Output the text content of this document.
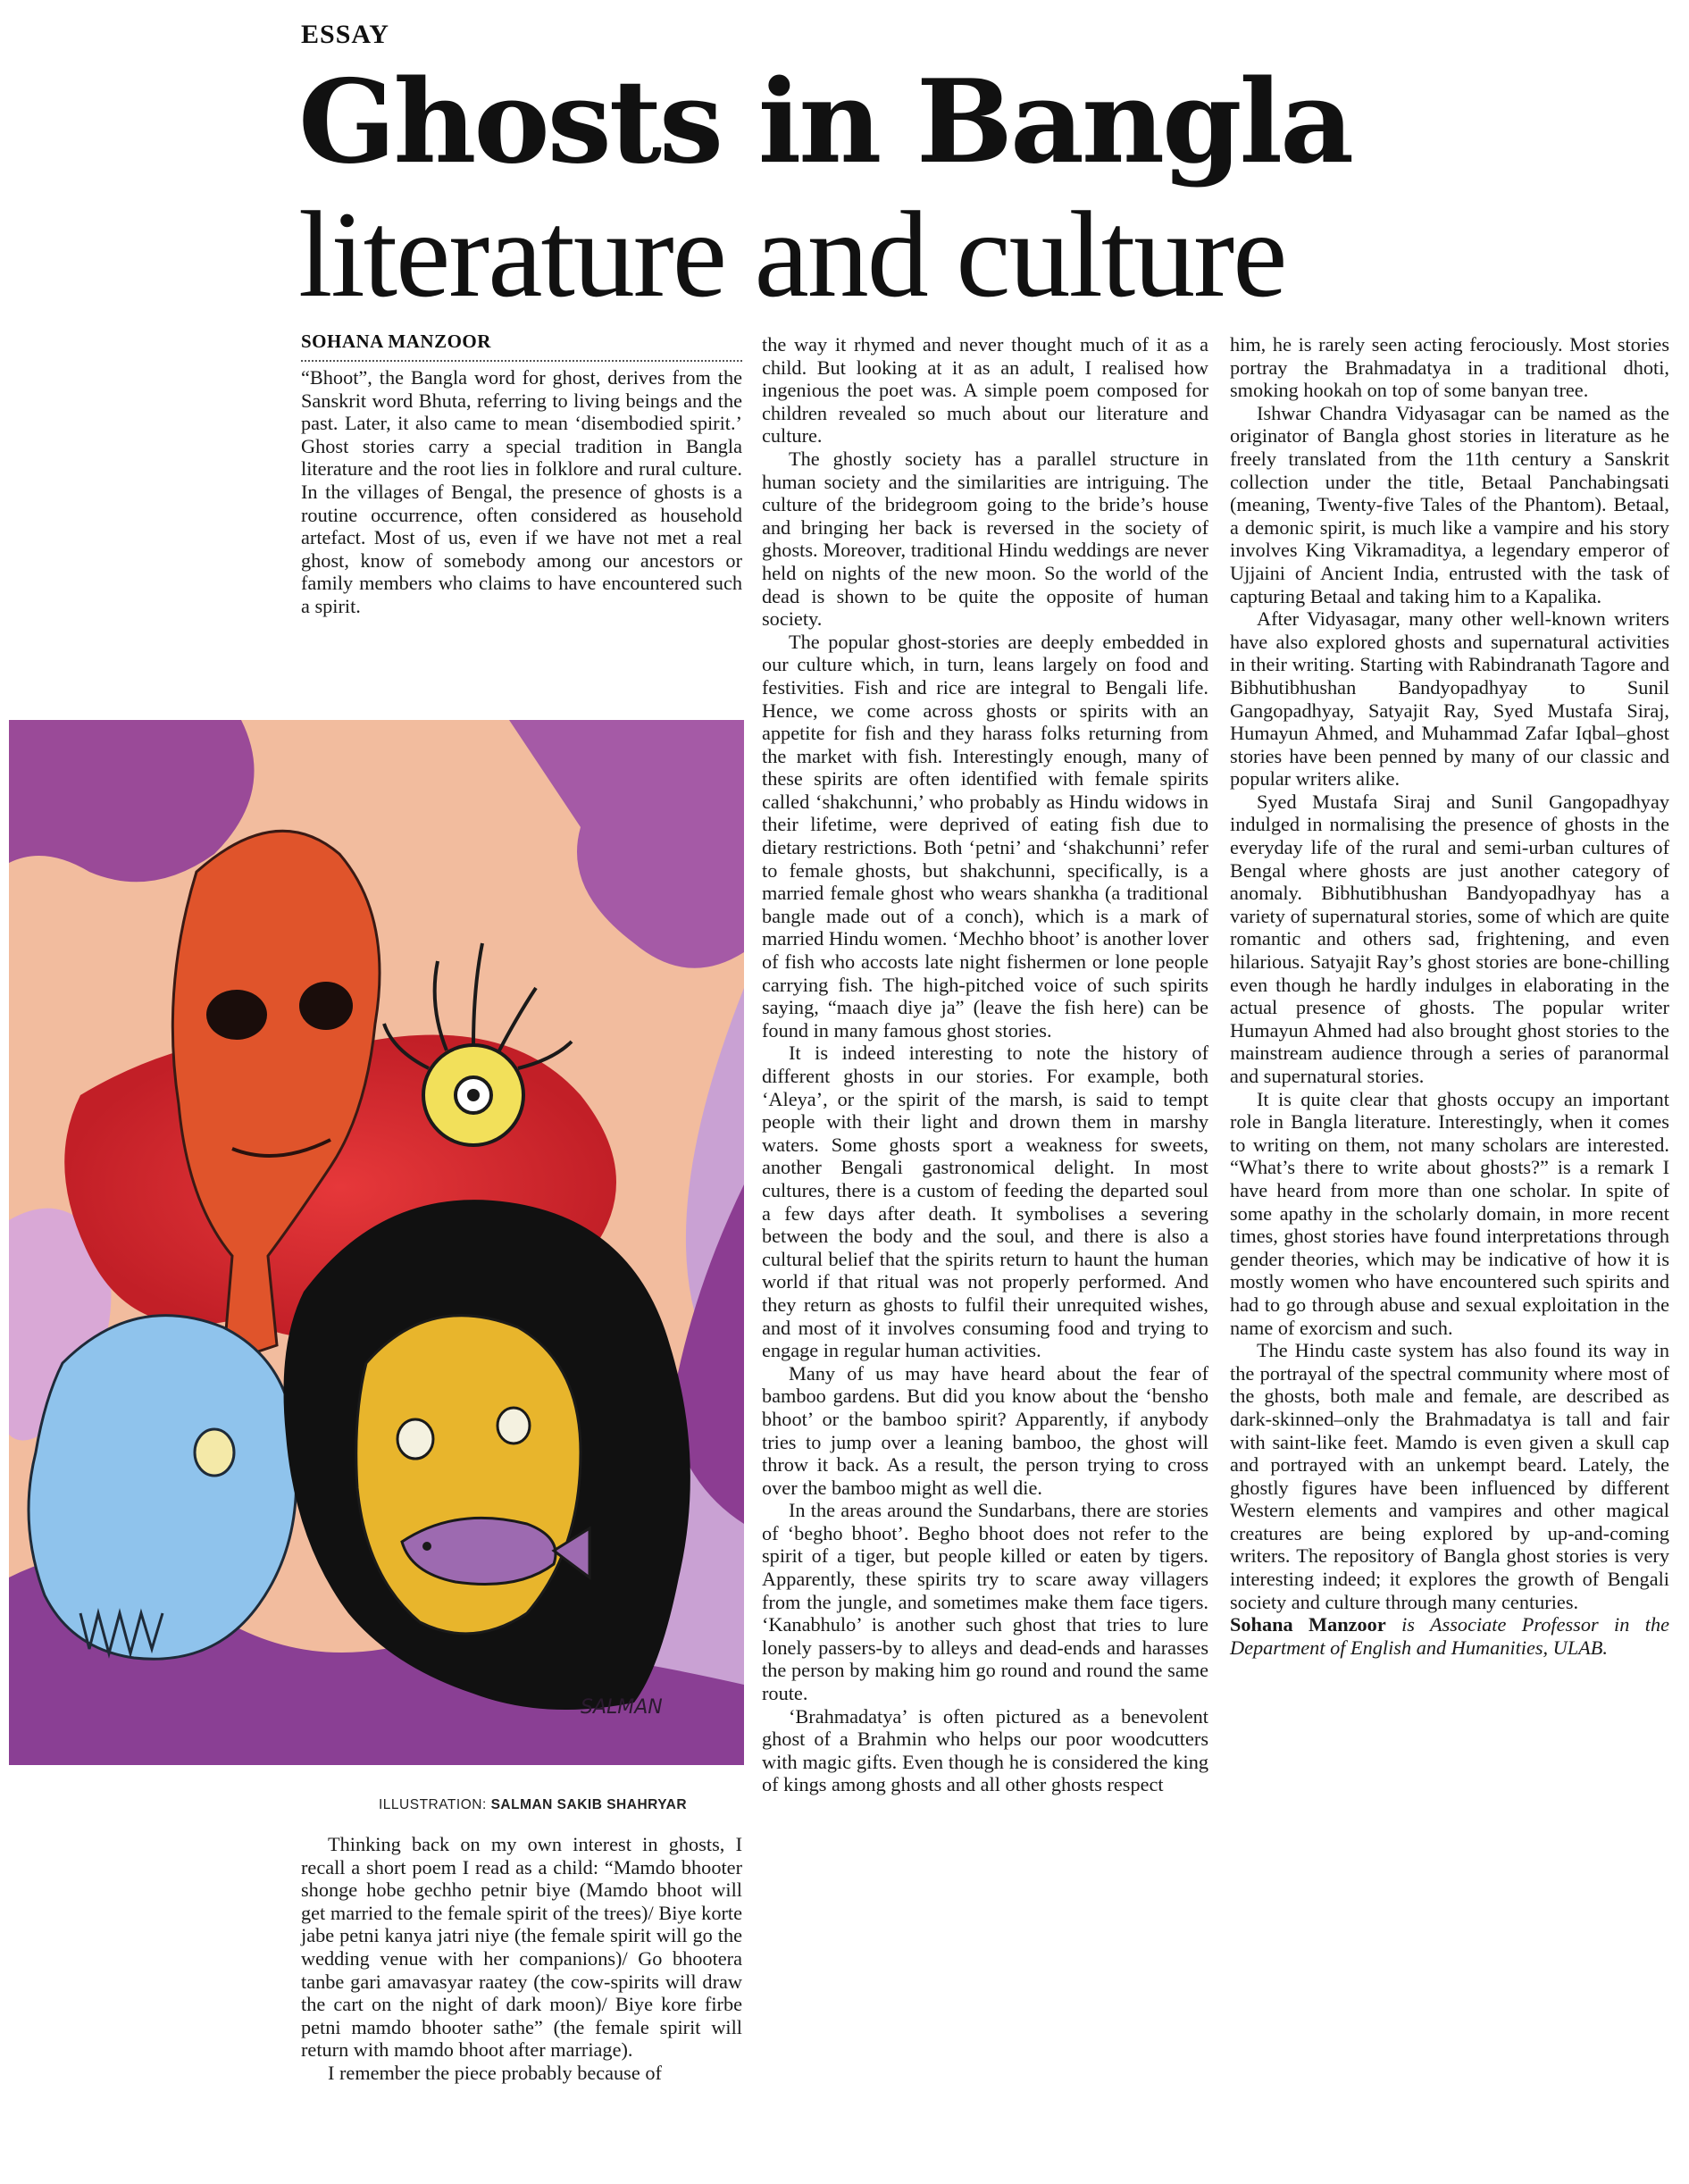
ESSAY
Ghosts in Bangla
literature and culture
SOHANA MANZOOR

“Bhoot”, the Bangla word for ghost, derives from the Sanskrit word Bhuta, referring to living beings and the past. Later, it also came to mean ‘disembodied spirit.’ Ghost stories carry a special tradition in Bangla literature and the root lies in folklore and rural culture. In the villages of Bengal, the presence of ghosts is a routine occurrence, often considered as household artefact. Most of us, even if we have not met a real ghost, know of somebody among our ancestors or family members who claims to have encountered such a spirit.

SALMAN
ILLUSTRATION: SALMAN SAKIB SHAHRYAR

Thinking back on my own interest in ghosts, I recall a short poem I read as a child: “Mamdo bhooter shonge hobe gechho petnir biye (Mamdo bhoot will get married to the female spirit of the trees)/ Biye korte jabe petni kanya jatri niye (the female spirit will go the wedding venue with her companions)/ Go bhootera tanbe gari amavasyar raatey (the cow-spirits will draw the cart on the night of dark moon)/ Biye kore firbe petni mamdo bhooter sathe” (the female spirit will return with mamdo bhoot after marriage).

I remember the piece probably because of

the way it rhymed and never thought much of it as a child. But looking at it as an adult, I realised how ingenious the poet was. A simple poem composed for children revealed so much about our literature and culture.

The ghostly society has a parallel structure in human society and the similarities are intriguing. The culture of the bridegroom going to the bride’s house and bringing her back is reversed in the society of ghosts. Moreover, traditional Hindu weddings are never held on nights of the new moon. So the world of the dead is shown to be quite the opposite of human society.

The popular ghost-stories are deeply embedded in our culture which, in turn, leans largely on food and festivities. Fish and rice are integral to Bengali life. Hence, we come across ghosts or spirits with an appetite for fish and they harass folks returning from the market with fish. Interestingly enough, many of these spirits are often identified with female spirits called ‘shakchunni,’ who probably as Hindu widows in their lifetime, were deprived of eating fish due to dietary restrictions. Both ‘petni’ and ‘shakchunni’ refer to female ghosts, but shakchunni, specifically, is a married female ghost who wears shankha (a traditional bangle made out of a conch), which is a mark of married Hindu women. ‘Mechho bhoot’ is another lover of fish who accosts late night fishermen or lone people carrying fish. The high-pitched voice of such spirits saying, “maach diye ja” (leave the fish here) can be found in many famous ghost stories.

It is indeed interesting to note the history of different ghosts in our stories. For example, both ‘Aleya’, or the spirit of the marsh, is said to tempt people with their light and drown them in marshy waters. Some ghosts sport a weakness for sweets, another Bengali gastronomical delight. In most cultures, there is a custom of feeding the departed soul a few days after death. It symbolises a severing between the body and the soul, and there is also a cultural belief that the spirits return to haunt the human world if that ritual was not properly performed. And they return as ghosts to fulfil their unrequited wishes, and most of it involves consuming food and trying to engage in regular human activities.

Many of us may have heard about the fear of bamboo gardens. But did you know about the ‘bensho bhoot’ or the bamboo spirit? Apparently, if anybody tries to jump over a leaning bamboo, the ghost will throw it back. As a result, the person trying to cross over the bamboo might as well die.

In the areas around the Sundarbans, there are stories of ‘begho bhoot’. Begho bhoot does not refer to the spirit of a tiger, but people killed or eaten by tigers. Apparently, these spirits try to scare away villagers from the jungle, and sometimes make them face tigers. ‘Kanabhulo’ is another such ghost that tries to lure lonely passers-by to alleys and dead-ends and harasses the person by making him go round and round the same route.

‘Brahmadatya’ is often pictured as a benevolent ghost of a Brahmin who helps our poor woodcutters with magic gifts. Even though he is considered the king of kings among ghosts and all other ghosts respect

him, he is rarely seen acting ferociously. Most stories portray the Brahmadatya in a traditional dhoti, smoking hookah on top of some banyan tree.

Ishwar Chandra Vidyasagar can be named as the originator of Bangla ghost stories in literature as he freely translated from the 11th century a Sanskrit collection under the title, Betaal Panchabingsati (meaning, Twenty-five Tales of the Phantom). Betaal, a demonic spirit, is much like a vampire and his story involves King Vikramaditya, a legendary emperor of Ujjaini of Ancient India, entrusted with the task of capturing Betaal and taking him to a Kapalika.

After Vidyasagar, many other well-known writers have also explored ghosts and supernatural activities in their writing. Starting with Rabindranath Tagore and Bibhutibhushan Bandyopadhyay to Sunil Gangopadhyay, Satyajit Ray, Syed Mustafa Siraj, Humayun Ahmed, and Muhammad Zafar Iqbal–ghost stories have been penned by many of our classic and popular writers alike.

Syed Mustafa Siraj and Sunil Gangopadhyay indulged in normalising the presence of ghosts in the everyday life of the rural and semi-urban cultures of Bengal where ghosts are just another category of anomaly. Bibhutibhushan Bandyopadhyay has a variety of supernatural stories, some of which are quite romantic and others sad, frightening, and even hilarious. Satyajit Ray’s ghost stories are bone-chilling even though he hardly indulges in elaborating in the actual presence of ghosts. The popular writer Humayun Ahmed had also brought ghost stories to the mainstream audience through a series of paranormal and supernatural stories.

It is quite clear that ghosts occupy an important role in Bangla literature. Interestingly, when it comes to writing on them, not many scholars are interested. “What’s there to write about ghosts?” is a remark I have heard from more than one scholar. In spite of some apathy in the scholarly domain, in more recent times, ghost stories have found interpretations through gender theories, which may be indicative of how it is mostly women who have encountered such spirits and had to go through abuse and sexual exploitation in the name of exorcism and such.

The Hindu caste system has also found its way in the portrayal of the spectral community where most of the ghosts, both male and female, are described as dark-skinned–only the Brahmadatya is tall and fair with saint-like feet. Mamdo is even given a skull cap and portrayed with an unkempt beard. Lately, the ghostly figures have been influenced by different Western elements and vampires and other magical creatures are being explored by up-and-coming writers. The repository of Bangla ghost stories is very interesting indeed; it explores the growth of Bengali society and culture through many centuries.

Sohana Manzoor is Associate Professor in the Department of English and Humanities, ULAB.
